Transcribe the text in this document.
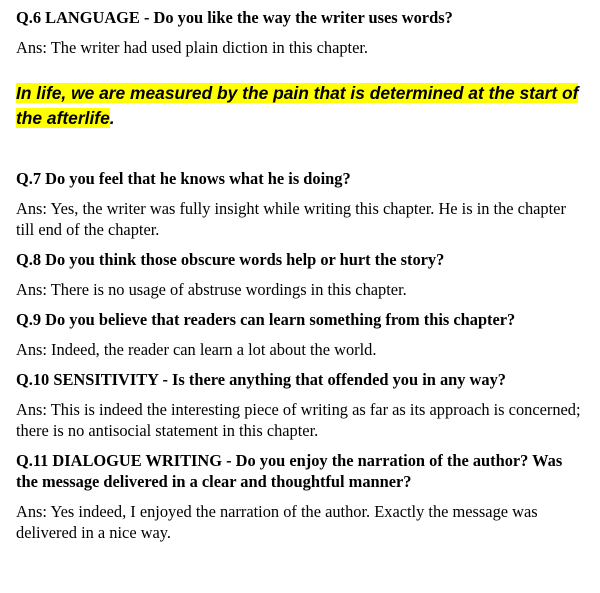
Q.6 LANGUAGE - Do you like the way the writer uses words?

Ans: The writer had used plain diction in this chapter.

In life, we are measured by the pain that is determined at the start of the afterlife.

Q.7 Do you feel that he knows what he is doing?

Ans: Yes, the writer was fully insight while writing this chapter. He is in the chapter till end of the chapter.

Q.8 Do you think those obscure words help or hurt the story?

Ans: There is no usage of abstruse wordings in this chapter.

Q.9 Do you believe that readers can learn something from this chapter?

Ans: Indeed, the reader can learn a lot about the world.

Q.10 SENSITIVITY - Is there anything that offended you in any way?

Ans: This is indeed the interesting piece of writing as far as its approach is concerned; there is no antisocial statement in this chapter.

Q.11 DIALOGUE WRITING - Do you enjoy the narration of the author? Was the message delivered in a clear and thoughtful manner?

Ans: Yes indeed, I enjoyed the narration of the author. Exactly the message was delivered in a nice way.
